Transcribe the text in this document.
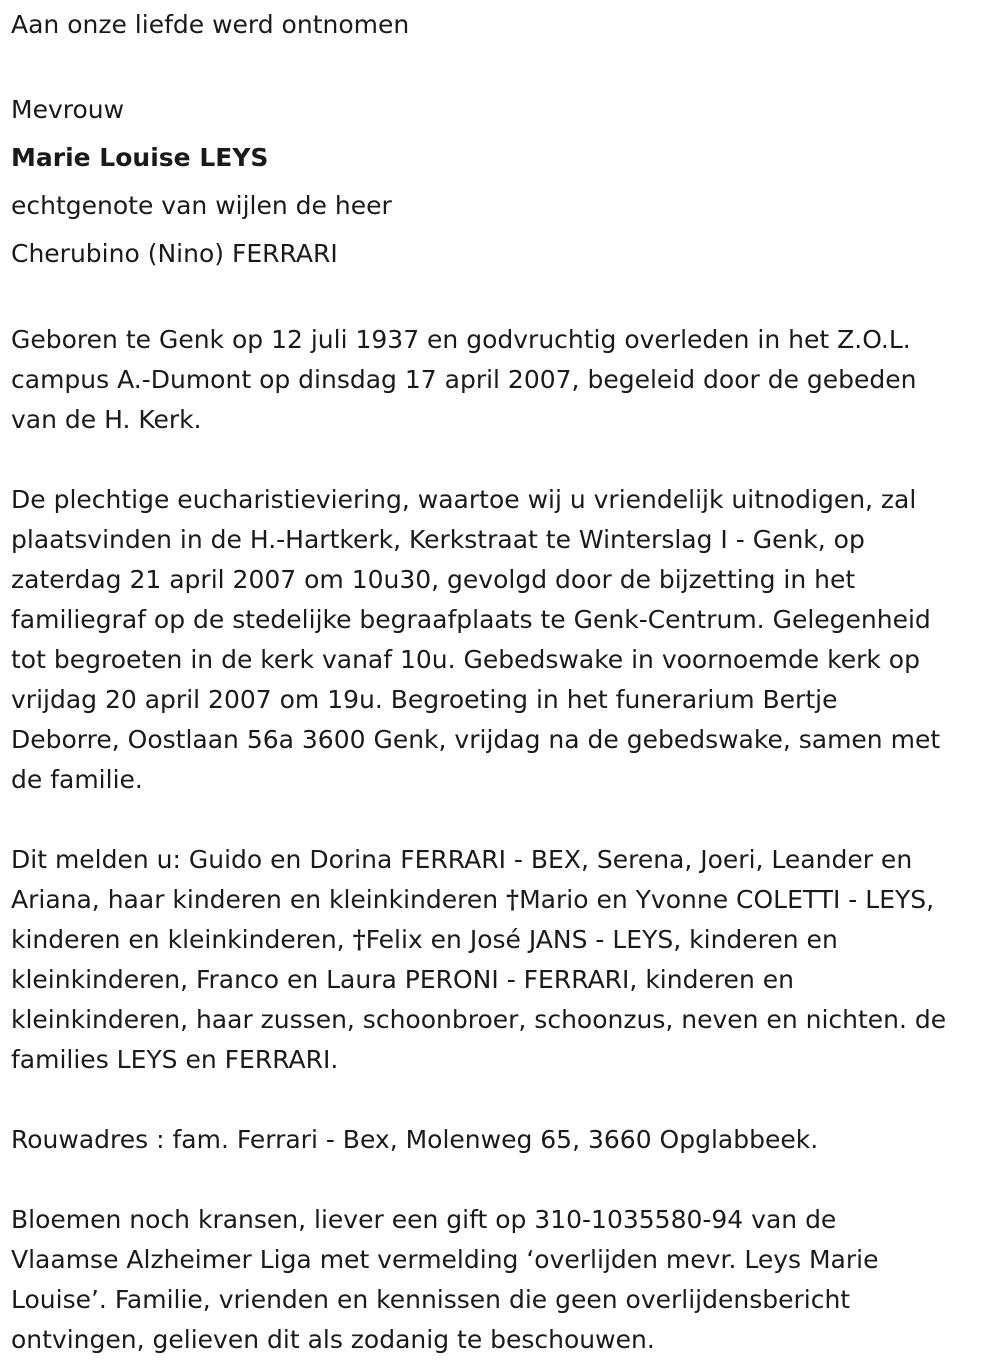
Aan onze liefde werd ontnomen

Mevrouw

Marie Louise LEYS

echtgenote van wijlen de heer

Cherubino (Nino) FERRARI

Geboren te Genk op 12 juli 1937 en godvruchtig overleden in het Z.O.L.
campus A.-Dumont op dinsdag 17 april 2007, begeleid door de gebeden
van de H. Kerk.

De plechtige eucharistieviering, waartoe wij u vriendelijk uitnodigen, zal
plaatsvinden in de H.-Hartkerk, Kerkstraat te Winterslag I - Genk, op
zaterdag 21 april 2007 om 10u30, gevolgd door de bijzetting in het
familiegraf op de stedelijke begraafplaats te Genk-Centrum. Gelegenheid
tot begroeten in de kerk vanaf 10u. Gebedswake in voornoemde kerk op
vrijdag 20 april 2007 om 19u. Begroeting in het funerarium Bertje
Deborre, Oostlaan 56a 3600 Genk, vrijdag na de gebedswake, samen met
de familie.

Dit melden u: Guido en Dorina FERRARI - BEX, Serena, Joeri, Leander en
Ariana, haar kinderen en kleinkinderen †Mario en Yvonne COLETTI - LEYS,
kinderen en kleinkinderen, †Felix en José JANS - LEYS, kinderen en
kleinkinderen, Franco en Laura PERONI - FERRARI, kinderen en
kleinkinderen, haar zussen, schoonbroer, schoonzus, neven en nichten. de
families LEYS en FERRARI.

Rouwadres : fam. Ferrari - Bex, Molenweg 65, 3660 Opglabbeek.

Bloemen noch kransen, liever een gift op 310-1035580-94 van de
Vlaamse Alzheimer Liga met vermelding ‘overlijden mevr. Leys Marie
Louise’. Familie, vrienden en kennissen die geen overlijdensbericht
ontvingen, gelieven dit als zodanig te beschouwen.
